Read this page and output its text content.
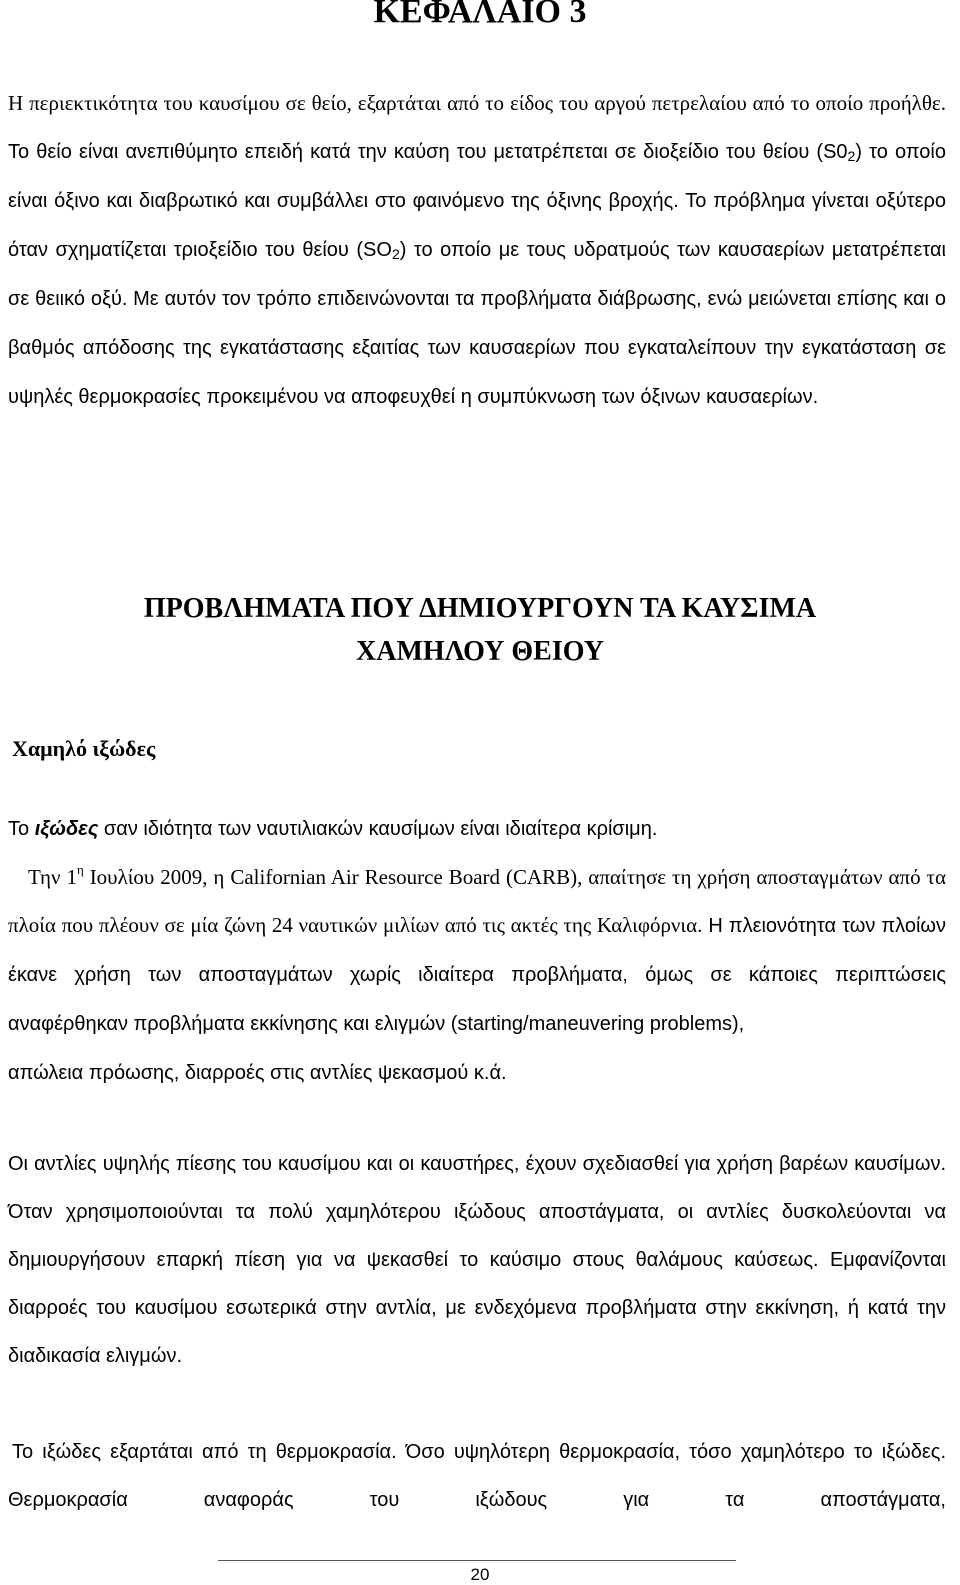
ΚΕΦΑΛΑΙΟ 3
Η περιεκτικότητα του καυσίμου σε θείο, εξαρτάται από το είδος του αργού πετρελαίου από το οποίο προήλθε. Το θείο είναι ανεπιθύμητο επειδή κατά την καύση του μετατρέπεται σε διοξείδιο του θείου $(S0_2)$ το οποίο είναι όξινο και διαβρωτικό και συμβάλλει στο φαινόμενο της όξινης βροχής. Το πρόβλημα γίνεται οξύτερο όταν σχηματίζεται τριοξείδιο του θείου $(SO_2)$ το οποίο με τους υδρατμούς των καυσαερίων μετατρέπεται σε θειικό οξύ. Με αυτόν τον τρόπο επιδεινώνονται τα προβλήματα διάβρωσης, ενώ μειώνεται επίσης και ο βαθμός απόδοσης της εγκατάστασης εξαιτίας των καυσαερίων που εγκαταλείπουν την εγκατάσταση σε υψηλές θερμοκρασίες προκειμένου να αποφευχθεί η συμπύκνωση των όξινων καυσαερίων.
ΠΡΟΒΛΗΜΑΤΑ ΠΟΥ ΔΗΜΙΟΥΡΓΟΥΝ ΤΑ ΚΑΥΣΙΜΑ
ΧΑΜΗΛΟΥ ΘΕΙΟΥ
Χαμηλό ιξώδες
Το ιξώδες σαν ιδιότητα των ναυτιλιακών καυσίμων είναι ιδιαίτερα κρίσιμη.
Την $1^\eta$ Ιουλίου 2009, η Californian Air Resource Board (CARB), απαίτησε τη χρήση αποσταγμάτων από τα πλοία που πλέουν σε μία ζώνη 24 ναυτικών μιλίων από τις ακτές της Καλιφόρνια. Η πλειονότητα των πλοίων έκανε χρήση των αποσταγμάτων χωρίς ιδιαίτερα προβλήματα, όμως σε κάποιες περιπτώσεις αναφέρθηκαν προβλήματα εκκίνησης και ελιγμών (starting/maneuvering problems),
απώλεια πρόωσης, διαρροές στις αντλίες ψεκασμού κ.ά.
Οι αντλίες υψηλής πίεσης του καυσίμου και οι καυστήρες, έχουν σχεδιασθεί για χρήση βαρέων καυσίμων. Όταν χρησιμοποιούνται τα πολύ χαμηλότερου ιξώδους αποστάγματα, οι αντλίες δυσκολεύονται να δημιουργήσουν επαρκή πίεση για να ψεκασθεί το καύσιμο στους θαλάμους καύσεως. Εμφανίζονται διαρροές του καυσίμου εσωτερικά στην αντλία, με ενδεχόμενα προβλήματα στην εκκίνηση, ή κατά την διαδικασία ελιγμών.
Το ιξώδες εξαρτάται από τη θερμοκρασία. Όσο υψηλότερη θερμοκρασία, τόσο χαμηλότερο το ιξώδες. Θερμοκρασία αναφοράς του ιξώδους για τα αποστάγματα,
20
